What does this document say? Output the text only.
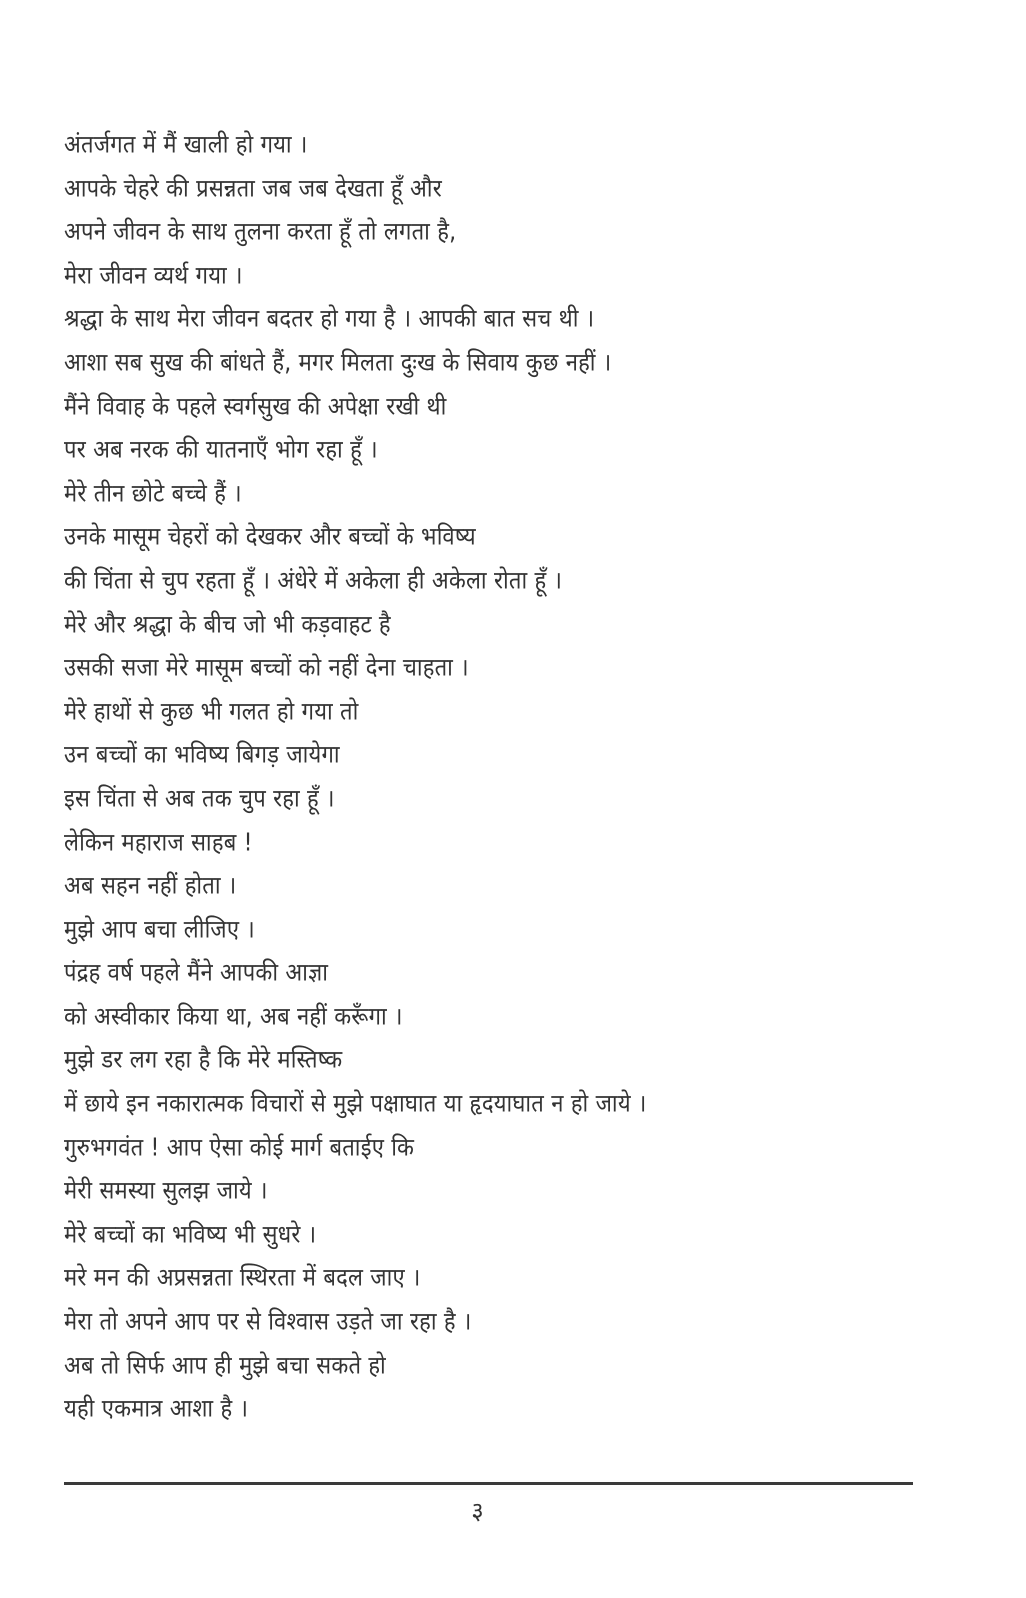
अंतर्जगत में मैं खाली हो गया ।
आपके चेहरे की प्रसन्नता जब जब देखता हूँ और
अपने जीवन के साथ तुलना करता हूँ तो लगता है,
मेरा जीवन व्यर्थ गया ।
श्रद्धा के साथ मेरा जीवन बदतर हो गया है । आपकी बात सच थी ।
आशा सब सुख की बांधते हैं, मगर मिलता दुःख के सिवाय कुछ नहीं ।
मैंने विवाह के पहले स्वर्गसुख की अपेक्षा रखी थी
पर अब नरक की यातनाएँ भोग रहा हूँ ।
मेरे तीन छोटे बच्चे हैं ।
उनके मासूम चेहरों को देखकर और बच्चों के भविष्य
की चिंता से चुप रहता हूँ । अंधेरे में अकेला ही अकेला रोता हूँ ।
मेरे और श्रद्धा के बीच जो भी कड़वाहट है
उसकी सजा मेरे मासूम बच्चों को नहीं देना चाहता ।
मेरे हाथों से कुछ भी गलत हो गया तो
उन बच्चों का भविष्य बिगड़ जायेगा
इस चिंता से अब तक चुप रहा हूँ ।
लेकिन महाराज साहब !
अब सहन नहीं होता ।
मुझे आप बचा लीजिए ।
पंद्रह वर्ष पहले मैंने आपकी आज्ञा
को अस्वीकार किया था, अब नहीं करूँगा ।
मुझे डर लग रहा है कि मेरे मस्तिष्क
में छाये इन नकारात्मक विचारों से मुझे पक्षाघात या हृदयाघात न हो जाये ।
गुरुभगवंत ! आप ऐसा कोई मार्ग बताईए कि
मेरी समस्या सुलझ जाये ।
मेरे बच्चों का भविष्य भी सुधरे ।
मरे मन की अप्रसन्नता स्थिरता में बदल जाए ।
मेरा तो अपने आप पर से विश्वास उड़ते जा रहा है ।
अब तो सिर्फ आप ही मुझे बचा सकते हो
यही एकमात्र आशा है ।
३
